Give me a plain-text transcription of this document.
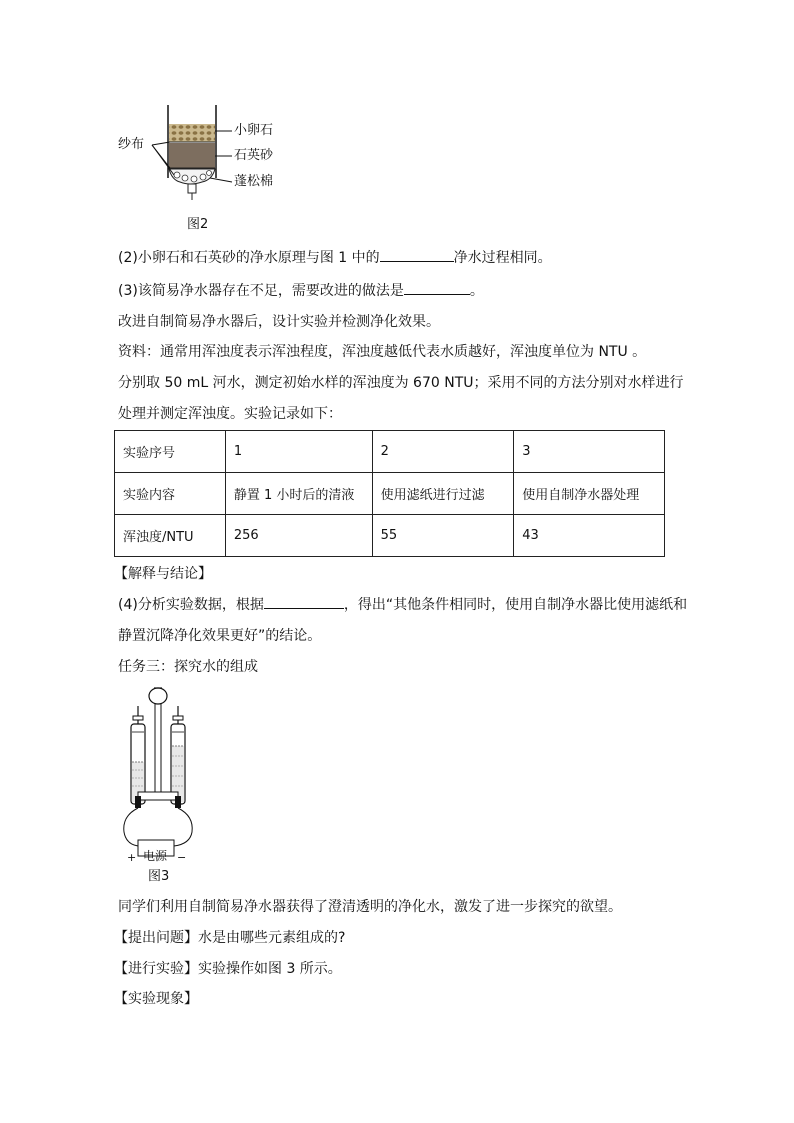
纱布
小卵石
石英砂
蓬松棉
图2
(2)小卵石和石英砂的净水原理与图 1 中的	净水过程相同。
(3)该简易净水器存在不足，需要改进的做法是	。
改进自制简易净水器后，设计实验并检测净化效果。
资料：通常用浑浊度表示浑浊程度，浑浊度越低代表水质越好，浑浊度单位为 NTU 。
分别取 50 mL 河水，测定初始水样的浑浊度为 670 NTU；采用不同的方法分别对水样进行
处理并测定浑浊度。实验记录如下：
实验序号	1	2	3
实验内容	静置 1 小时后的清液	使用滤纸进行过滤	使用自制净水器处理
浑浊度/NTU	256	55	43
【解释与结论】
(4)分析实验数据，根据	，得出“其他条件相同时，使用自制净水器比使用滤纸和
静置沉降净化效果更好”的结论。
任务三：探究水的组成
电源
+	−
图3
同学们利用自制简易净水器获得了澄清透明的净化水，激发了进一步探究的欲望。
【提出问题】水是由哪些元素组成的?
【进行实验】实验操作如图 3 所示。
【实验现象】
